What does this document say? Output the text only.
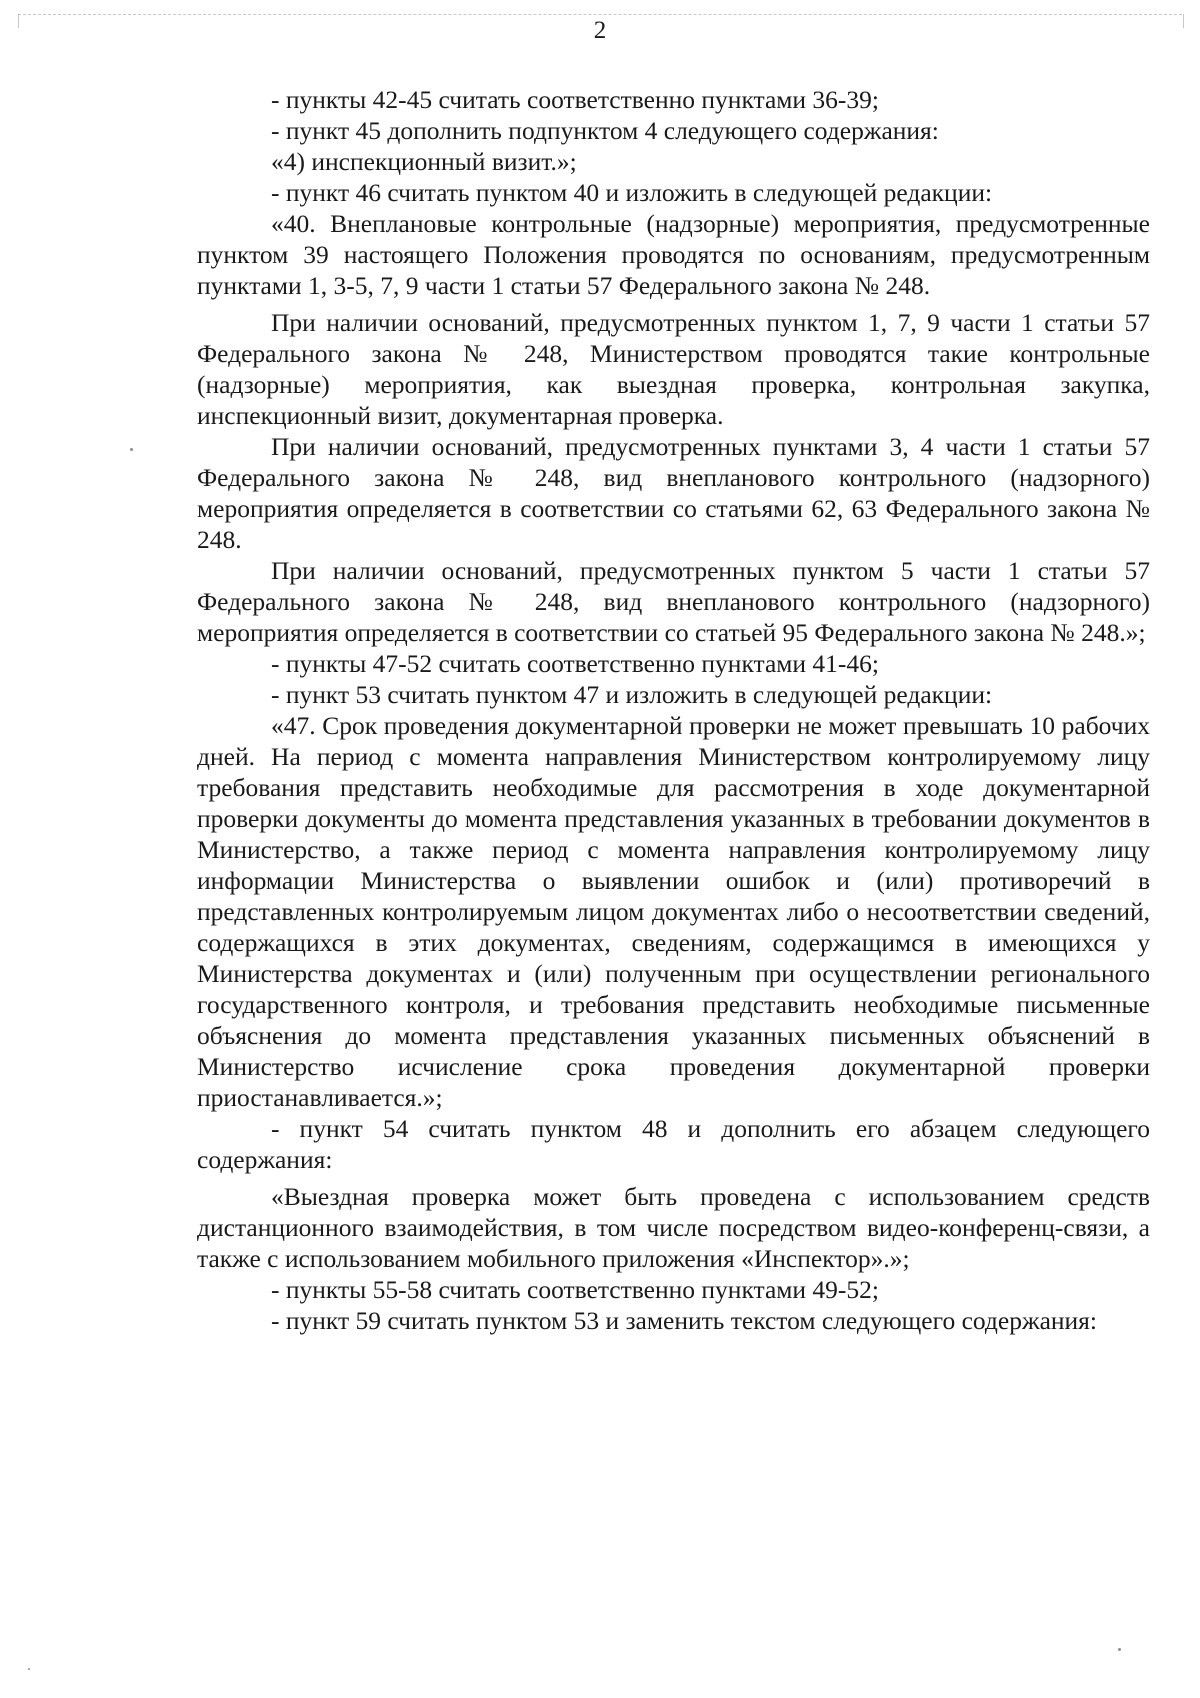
2

- пункты 42-45 считать соответственно пунктами 36-39;

- пункт 45 дополнить подпунктом 4 следующего содержания:

«4) инспекционный визит.»;

- пункт 46 считать пунктом 40 и изложить в следующей редакции:

«40. Внеплановые контрольные (надзорные) мероприятия, предусмотренные пунктом 39 настоящего Положения проводятся по основаниям, предусмотренным пунктами 1, 3-5, 7, 9 части 1 статьи 57 Федерального закона № 248.

При наличии оснований, предусмотренных пунктом 1, 7, 9 части 1 статьи 57 Федерального закона № 248, Министерством проводятся такие контрольные (надзорные) мероприятия, как выездная проверка, контрольная закупка, инспекционный визит, документарная проверка.

При наличии оснований, предусмотренных пунктами 3, 4 части 1 статьи 57 Федерального закона № 248, вид внепланового контрольного (надзорного) мероприятия определяется в соответствии со статьями 62, 63 Федерального закона № 248.

При наличии оснований, предусмотренных пунктом 5 части 1 статьи 57 Федерального закона № 248, вид внепланового контрольного (надзорного) мероприятия определяется в соответствии со статьей 95 Федерального закона № 248.»;

- пункты 47-52 считать соответственно пунктами 41-46;

- пункт 53 считать пунктом 47 и изложить в следующей редакции:

«47. Срок проведения документарной проверки не может превышать 10 рабочих дней. На период с момента направления Министерством контролируемому лицу требования представить необходимые для рассмотрения в ходе документарной проверки документы до момента представления указанных в требовании документов в Министерство, а также период с момента направления контролируемому лицу информации Министерства о выявлении ошибок и (или) противоречий в представленных контролируемым лицом документах либо о несоответствии сведений, содержащихся в этих документах, сведениям, содержащимся в имеющихся у Министерства документах и (или) полученным при осуществлении регионального государственного контроля, и требования представить необходимые письменные объяснения до момента представления указанных письменных объяснений в Министерство исчисление срока проведения документарной проверки приостанавливается.»;

- пункт 54 считать пунктом 48 и дополнить его абзацем следующего содержания:

«Выездная проверка может быть проведена с использованием средств дистанционного взаимодействия, в том числе посредством видео-конференц-связи, а также с использованием мобильного приложения «Инспектор».»;

- пункты 55-58 считать соответственно пунктами 49-52;

- пункт 59 считать пунктом 53 и заменить текстом следующего содержания:
